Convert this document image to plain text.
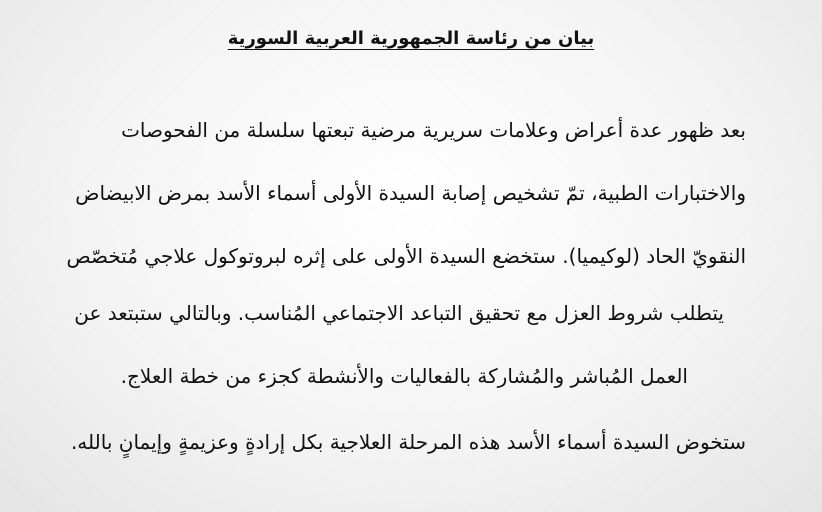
بيان من رئاسة الجمهورية العربية السورية
بعد ظهور عدة أعراض وعلامات سريرية مرضية تبعتها سلسلة من الفحوصات
والاختبارات الطبية، تمّ تشخيص إصابة السيدة الأولى أسماء الأسد بمرض الابيضاض
النقويّ الحاد (لوكيميا). ستخضع السيدة الأولى على إثره لبروتوكول علاجي مُتخصّص
يتطلب شروط العزل مع تحقيق التباعد الاجتماعي المُناسب. وبالتالي ستبتعد عن
العمل المُباشر والمُشاركة بالفعاليات والأنشطة كجزء من خطة العلاج.
ستخوض السيدة أسماء الأسد هذه المرحلة العلاجية بكل إرادةٍ وعزيمةٍ وإيمانٍ بالله.
